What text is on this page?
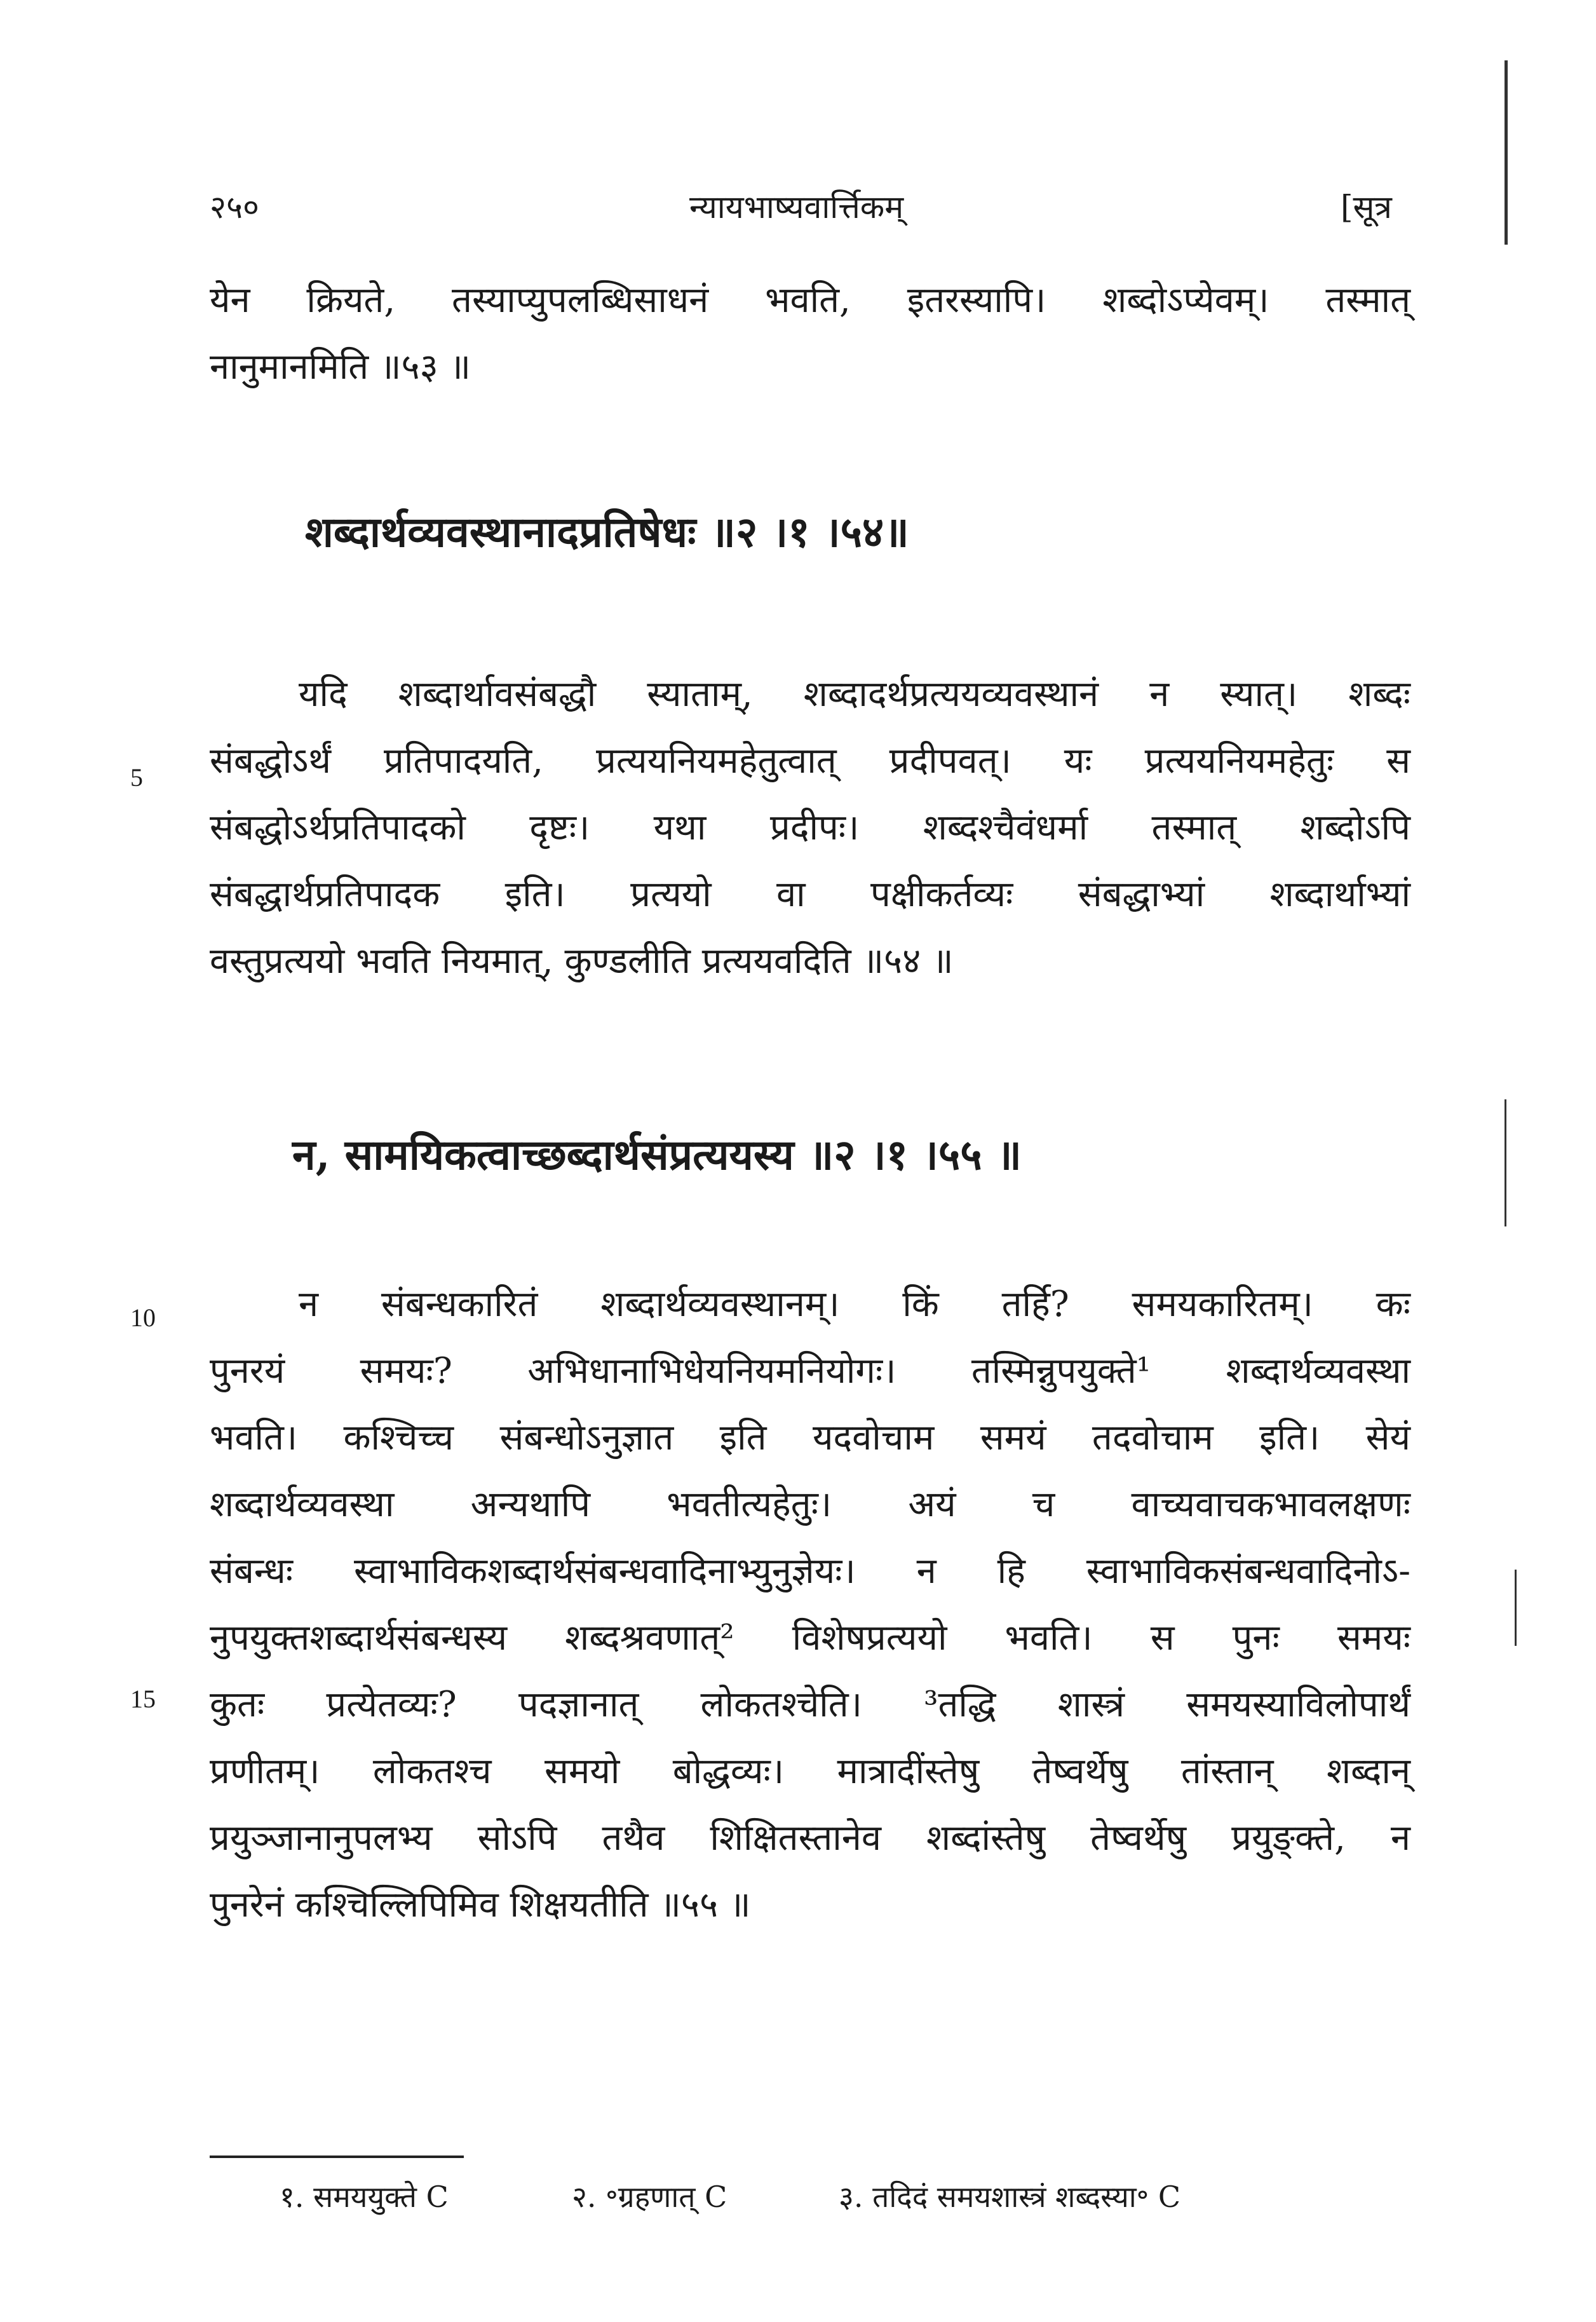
२५०	न्यायभाष्यवार्त्तिकम्	[सूत्र
येन क्रियते, तस्याप्युपलब्धिसाधनं भवति, इतरस्यापि। शब्दोऽप्येवम्। तस्मात्
नानुमानमिति ॥५३ ॥
शब्दार्थव्यवस्थानादप्रतिषेधः ॥२ ।१ ।५४॥
5
यदि शब्दार्थावसंबद्धौ स्याताम्, शब्दादर्थप्रत्ययव्यवस्थानं न स्यात्। शब्दः
संबद्धोऽर्थं प्रतिपादयति, प्रत्ययनियमहेतुत्वात् प्रदीपवत्। यः प्रत्ययनियमहेतुः स
संबद्धोऽर्थप्रतिपादको दृष्टः। यथा प्रदीपः। शब्दश्चैवंधर्मा तस्मात् शब्दोऽपि
संबद्धार्थप्रतिपादक इति। प्रत्ययो वा पक्षीकर्तव्यः संबद्धाभ्यां शब्दार्थाभ्यां
वस्तुप्रत्ययो भवति नियमात्, कुण्डलीति प्रत्ययवदिति ॥५४ ॥
न, सामयिकत्वाच्छब्दार्थसंप्रत्ययस्य ॥२ ।१ ।५५ ॥
10
15
न संबन्धकारितं शब्दार्थव्यवस्थानम्। किं तर्हि? समयकारितम्। कः
पुनरयं समयः? अभिधानाभिधेयनियमनियोगः। तस्मिन्नुपयुक्ते¹ शब्दार्थव्यवस्था
भवति। कश्चिच्च संबन्धोऽनुज्ञात इति यदवोचाम समयं तदवोचाम इति। सेयं
शब्दार्थव्यवस्था अन्यथापि भवतीत्यहेतुः। अयं च वाच्यवाचकभावलक्षणः
संबन्धः स्वाभाविकशब्दार्थसंबन्धवादिनाभ्युनुज्ञेयः। न हि स्वाभाविकसंबन्धवादिनोऽ-
नुपयुक्तशब्दार्थसंबन्धस्य शब्दश्रवणात्² विशेषप्रत्ययो भवति। स पुनः समयः
कुतः प्रत्येतव्यः? पदज्ञानात् लोकतश्चेति। ³तद्धि शास्त्रं समयस्याविलोपार्थं
प्रणीतम्। लोकतश्च समयो बोद्धव्यः। मात्रादींस्तेषु तेष्वर्थेषु तांस्तान् शब्दान्
प्रयुञ्जानानुपलभ्य सोऽपि तथैव शिक्षितस्तानेव शब्दांस्तेषु तेष्वर्थेषु प्रयुङ्क्ते, न
पुनरेनं कश्चिल्लिपिमिव शिक्षयतीति ॥५५ ॥
१. समययुक्ते C	२. ॰ग्रहणात् C	३. तदिदं समयशास्त्रं शब्दस्या॰ C
